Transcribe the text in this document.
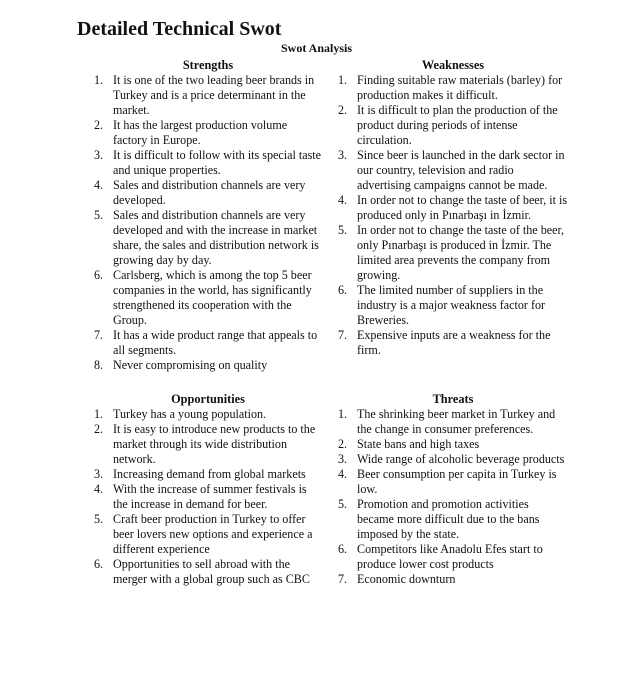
Detailed Technical Swot
Swot Analysis
Strengths
1. It is one of the two leading beer brands in Turkey and is a price determinant in the market.
2. It has the largest production volume factory in Europe.
3. It is difficult to follow with its special taste and unique properties.
4. Sales and distribution channels are very developed.
5. Sales and distribution channels are very developed and with the increase in market share, the sales and distribution network is growing day by day.
6. Carlsberg, which is among the top 5 beer companies in the world, has significantly strengthened its cooperation with the Group.
7. It has a wide product range that appeals to all segments.
8. Never compromising on quality
Weaknesses
1. Finding suitable raw materials (barley) for production makes it difficult.
2. It is difficult to plan the production of the product during periods of intense circulation.
3. Since beer is launched in the dark sector in our country, television and radio advertising campaigns cannot be made.
4. In order not to change the taste of beer, it is produced only in Pınarbaşı in İzmir.
5. In order not to change the taste of the beer, only Pınarbaşı is produced in İzmir. The limited area prevents the company from growing.
6. The limited number of suppliers in the industry is a major weakness factor for Breweries.
7. Expensive inputs are a weakness for the firm.
Opportunities
1. Turkey has a young population.
2. It is easy to introduce new products to the market through its wide distribution network.
3. Increasing demand from global markets
4. With the increase of summer festivals is the increase in demand for beer.
5. Craft beer production in Turkey to offer beer lovers new options and experience a different experience
6. Opportunities to sell abroad with the merger with a global group such as CBC
Threats
1. The shrinking beer market in Turkey and the change in consumer preferences.
2. State bans and high taxes
3. Wide range of alcoholic beverage products
4. Beer consumption per capita in Turkey is low.
5. Promotion and promotion activities became more difficult due to the bans imposed by the state.
6. Competitors like Anadolu Efes start to produce lower cost products
7. Economic downturn
